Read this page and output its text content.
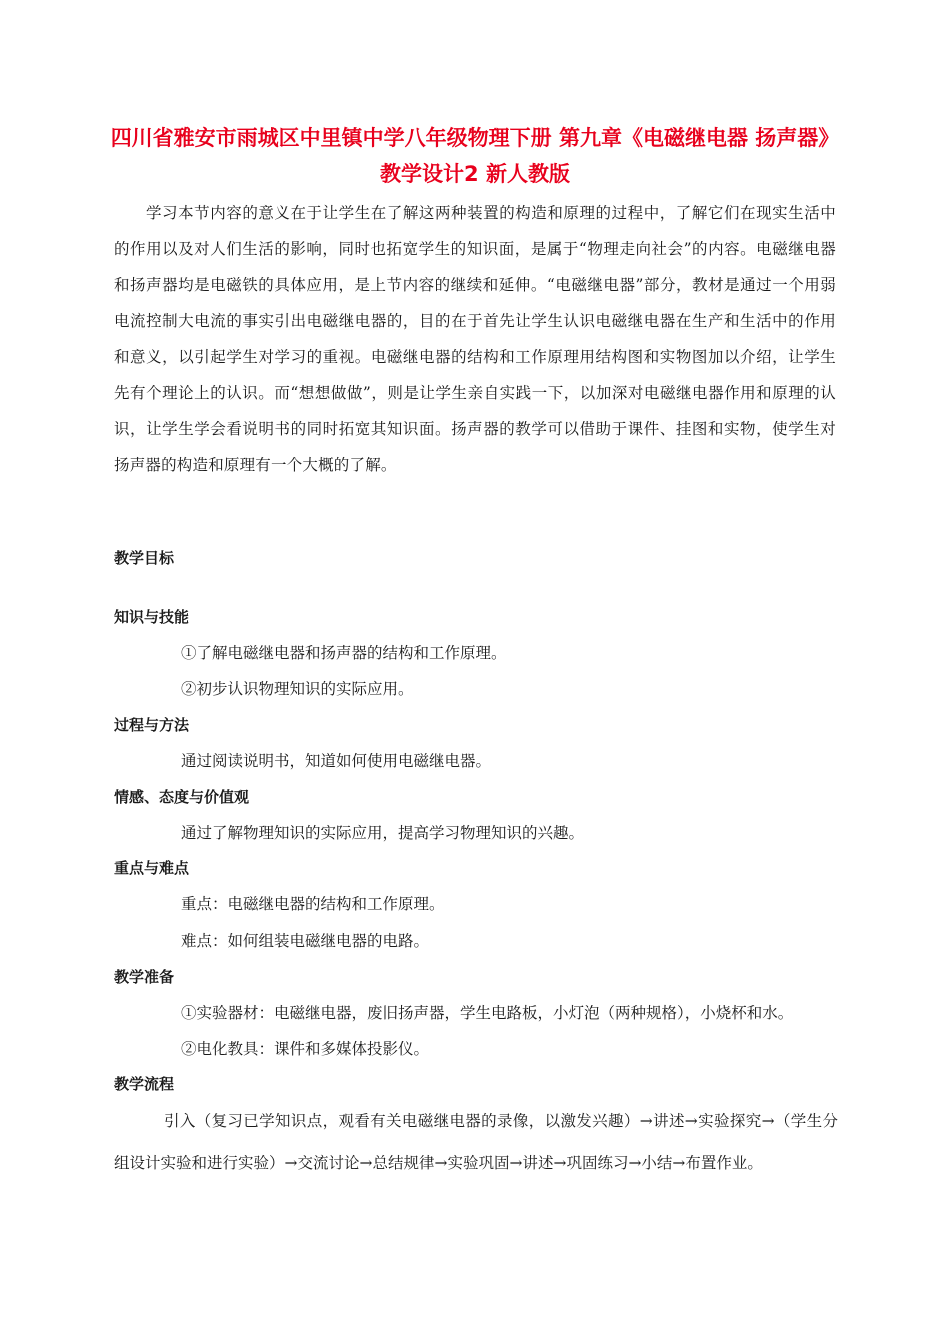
四川省雅安市雨城区中里镇中学八年级物理下册 第九章《电磁继电器 扬声器》教学设计2 新人教版

学习本节内容的意义在于让学生在了解这两种装置的构造和原理的过程中，了解它们在现实生活中的作用以及对人们生活的影响，同时也拓宽学生的知识面，是属于“物理走向社会”的内容。电磁继电器和扬声器均是电磁铁的具体应用，是上节内容的继续和延伸。“电磁继电器”部分，教材是通过一个用弱电流控制大电流的事实引出电磁继电器的，目的在于首先让学生认识电磁继电器在生产和生活中的作用和意义，以引起学生对学习的重视。电磁继电器的结构和工作原理用结构图和实物图加以介绍，让学生先有个理论上的认识。而“想想做做”，则是让学生亲自实践一下，以加深对电磁继电器作用和原理的认识，让学生学会看说明书的同时拓宽其知识面。扬声器的教学可以借助于课件、挂图和实物，使学生对扬声器的构造和原理有一个大概的了解。

教学目标
知识与技能

①了解电磁继电器和扬声器的结构和工作原理。

②初步认识物理知识的实际应用。

过程与方法

通过阅读说明书，知道如何使用电磁继电器。

情感、态度与价值观

通过了解物理知识的实际应用，提高学习物理知识的兴趣。

重点与难点

重点：电磁继电器的结构和工作原理。

难点：如何组装电磁继电器的电路。

教学准备

①实验器材：电磁继电器，废旧扬声器，学生电路板，小灯泡（两种规格），小烧杯和水。

②电化教具：课件和多媒体投影仪。

教学流程

引入（复习已学知识点，观看有关电磁继电器的录像，以激发兴趣）→讲述→实验探究→（学生分组设计实验和进行实验）→交流讨论→总结规律→实验巩固→讲述→巩固练习→小结→布置作业。
